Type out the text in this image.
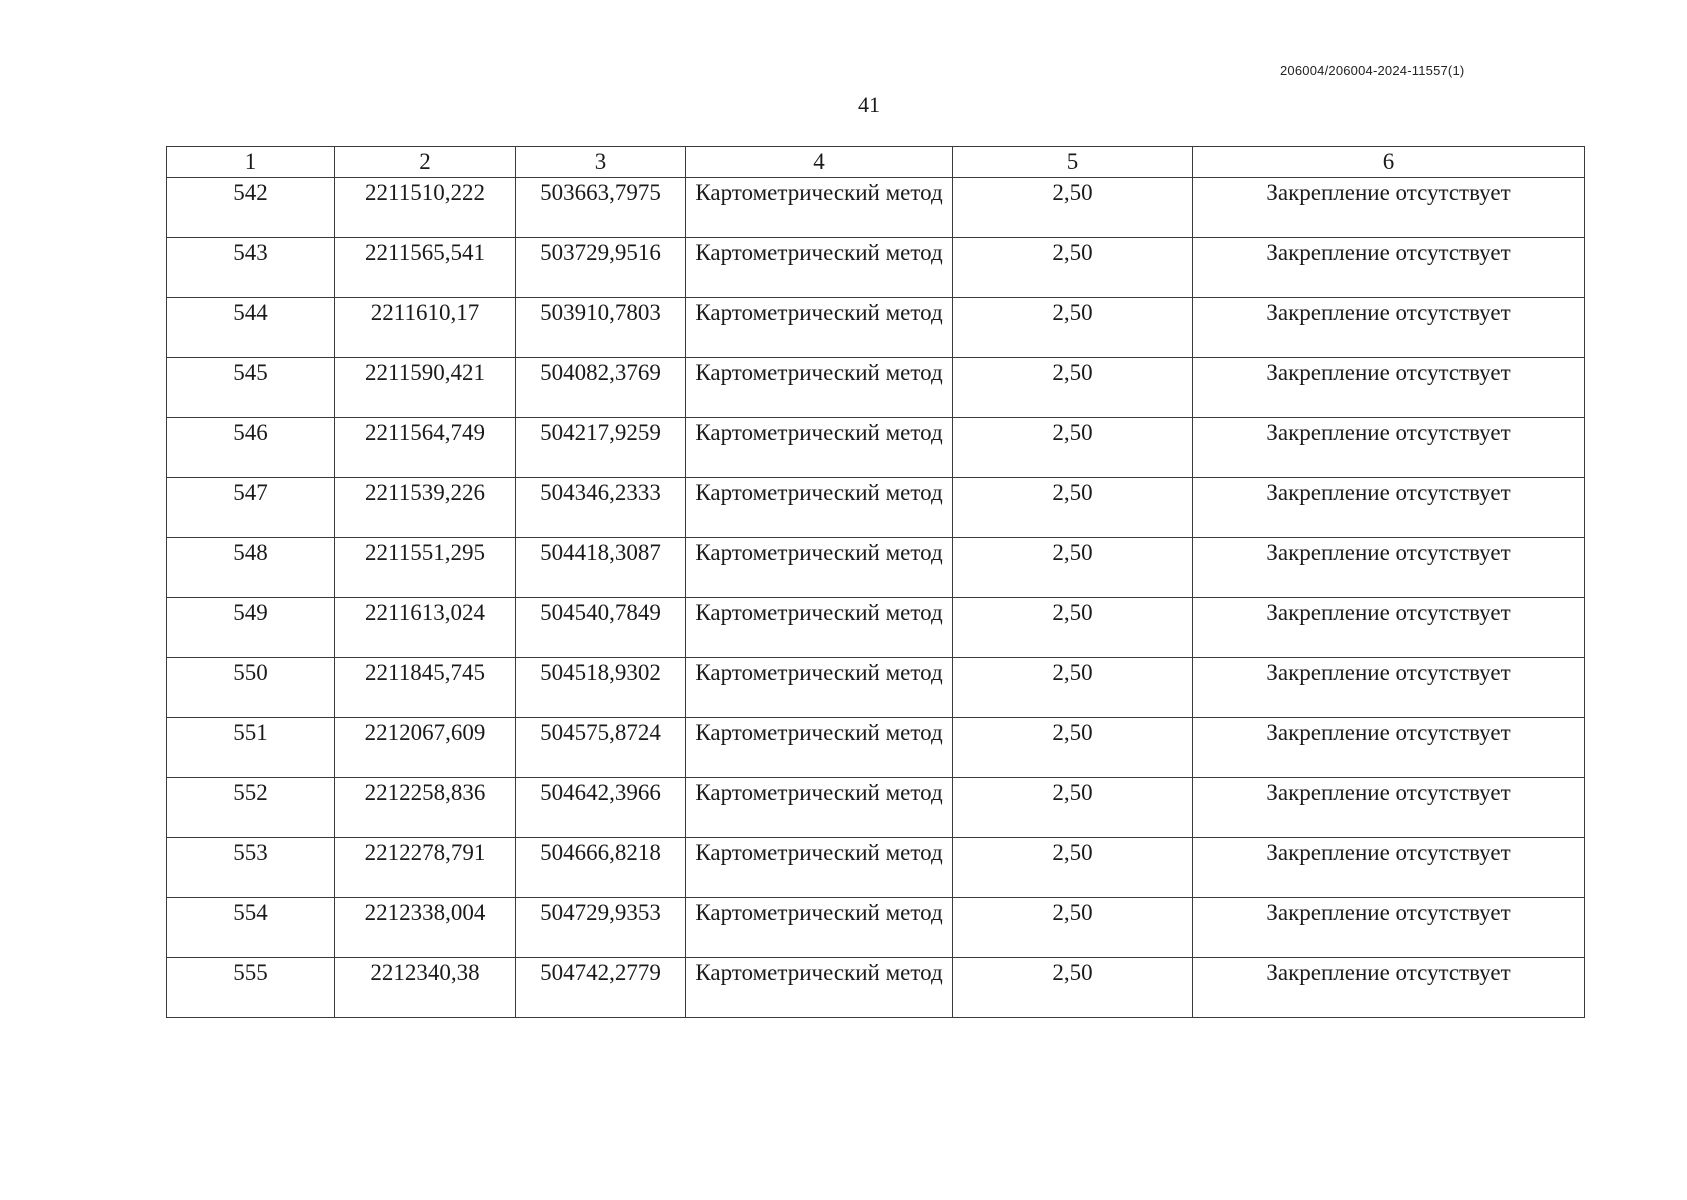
206004/206004-2024-11557(1)
41
1	2	3	4	5	6
542	2211510,222	503663,7975	Картометрический метод	2,50	Закрепление отсутствует
543	2211565,541	503729,9516	Картометрический метод	2,50	Закрепление отсутствует
544	2211610,17	503910,7803	Картометрический метод	2,50	Закрепление отсутствует
545	2211590,421	504082,3769	Картометрический метод	2,50	Закрепление отсутствует
546	2211564,749	504217,9259	Картометрический метод	2,50	Закрепление отсутствует
547	2211539,226	504346,2333	Картометрический метод	2,50	Закрепление отсутствует
548	2211551,295	504418,3087	Картометрический метод	2,50	Закрепление отсутствует
549	2211613,024	504540,7849	Картометрический метод	2,50	Закрепление отсутствует
550	2211845,745	504518,9302	Картометрический метод	2,50	Закрепление отсутствует
551	2212067,609	504575,8724	Картометрический метод	2,50	Закрепление отсутствует
552	2212258,836	504642,3966	Картометрический метод	2,50	Закрепление отсутствует
553	2212278,791	504666,8218	Картометрический метод	2,50	Закрепление отсутствует
554	2212338,004	504729,9353	Картометрический метод	2,50	Закрепление отсутствует
555	2212340,38	504742,2779	Картометрический метод	2,50	Закрепление отсутствует
